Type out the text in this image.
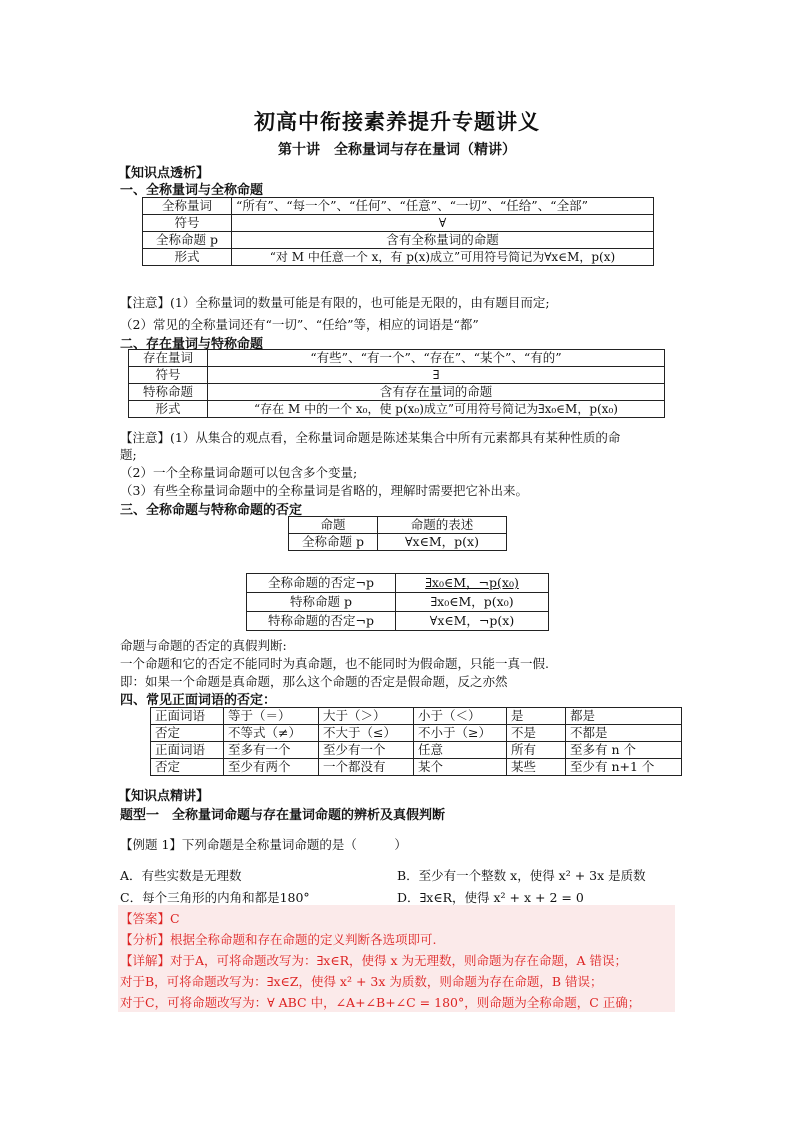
初高中衔接素养提升专题讲义
第十讲　全称量词与存在量词（精讲）
【知识点透析】
一、全称量词与全称命题
全称量词	“所有”、“每一个”、“任何”、“任意”、“一切”、“任给”、“全部”
符号	∀
全称命题 p	含有全称量词的命题
形式	“对 M 中任意一个 x，有 p(x)成立”可用符号简记为∀x∈M，p(x)
【注意】(1）全称量词的数量可能是有限的，也可能是无限的，由有题目而定;
（2）常见的全称量词还有“一切”、“任给”等，相应的词语是“都”
二、存在量词与特称命题
存在量词	“有些”、“有一个”、“存在”、“某个”、“有的”
符号	∃
特称命题	含有存在量词的命题
形式	“存在 M 中的一个 x₀，使 p(x₀)成立”可用符号简记为∃x₀∈M，p(x₀)
【注意】(1）从集合的观点看，全称量词命题是陈述某集合中所有元素都具有某种性质的命
题;
（2）一个全称量词命题可以包含多个变量;
（3）有些全称量词命题中的全称量词是省略的，理解时需要把它补出来。
三、全称命题与特称命题的否定
命题	命题的表述
全称命题 p	∀x∈M，p(x)
全称命题的否定¬p	∃x₀∈M，¬p(x₀)
特称命题 p	∃x₀∈M，p(x₀)
特称命题的否定¬p	∀x∈M，¬p(x)
命题与命题的否定的真假判断:
一个命题和它的否定不能同时为真命题，也不能同时为假命题，只能一真一假.
即：如果一个命题是真命题，那么这个命题的否定是假命题，反之亦然
四、常见正面词语的否定：
正面词语	等于（＝）	大于（＞）	小于（＜）	是	都是
否定	不等式（≠）	不大于（≤）	不小于（≥）	不是	不都是
正面词语	至多有一个	至少有一个	任意	所有	至多有 n 个
否定	至少有两个	一个都没有	某个	某些	至少有 n+1 个
【知识点精讲】
题型一　全称量词命题与存在量词命题的辨析及真假判断
【例题 1】下列命题是全称量词命题的是（　　　）
A．有些实数是无理数	B．至少有一个整数 x，使得 x² + 3x 是质数
C．每个三角形的内角和都是180°	D．∃x∈R，使得 x² + x + 2 = 0
【答案】C
【分析】根据全称命题和存在命题的定义判断各选项即可.
【详解】对于A，可将命题改写为：∃x∈R，使得 x 为无理数，则命题为存在命题，A 错误；
对于B，可将命题改写为：∃x∈Z，使得 x² + 3x 为质数，则命题为存在命题，B 错误；
对于C，可将命题改写为：∀ ABC 中，∠A+∠B+∠C = 180°，则命题为全称命题，C 正确；
